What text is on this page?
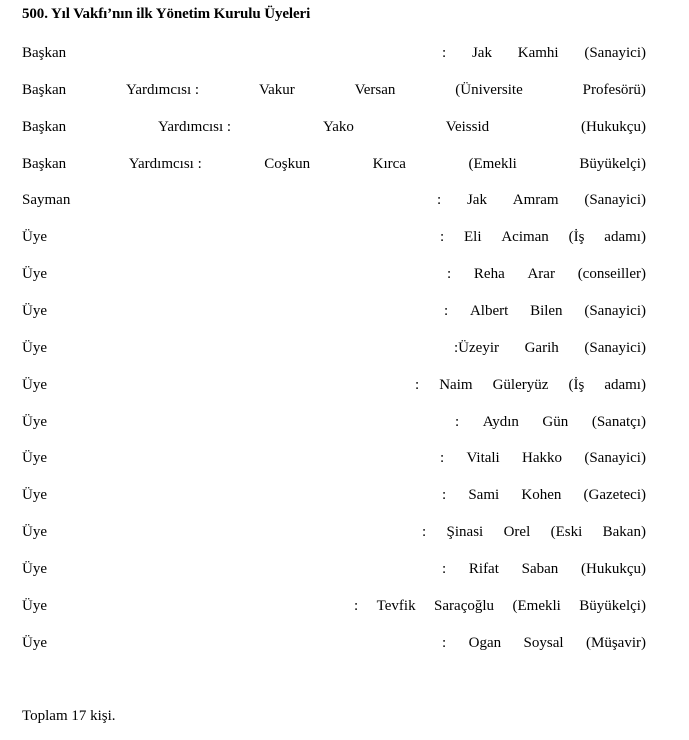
500. Yıl Vakfı’nın ilk Yönetim Kurulu Üyeleri
Başkan	: Jak Kamhi (Sanayici)
Başkan	Yardımcısı :	Vakur	Versan	(Üniversite	Profesörü)
Başkan	Yardımcısı :	Yako	Veissid	(Hukukçu)
Başkan	Yardımcısı :	Coşkun	Kırca	(Emekli	Büyükelçi)
Sayman	: Jak Amram (Sanayici)
Üye	: Eli Aciman (İş adamı)
Üye	: Reha Arar (conseiller)
Üye	: Albert Bilen (Sanayici)
Üye	:Üzeyir Garih (Sanayici)
Üye	: Naim Güleryüz (İş adamı)
Üye	: Aydın Gün (Sanatçı)
Üye	: Vitali Hakko (Sanayici)
Üye	: Sami Kohen (Gazeteci)
Üye	: Şinasi Orel (Eski Bakan)
Üye	: Rifat Saban (Hukukçu)
Üye	: Tevfik Saraçoğlu (Emekli Büyükelçi)
Üye	: Ogan Soysal (Müşavir)
Toplam 17 kişi.
